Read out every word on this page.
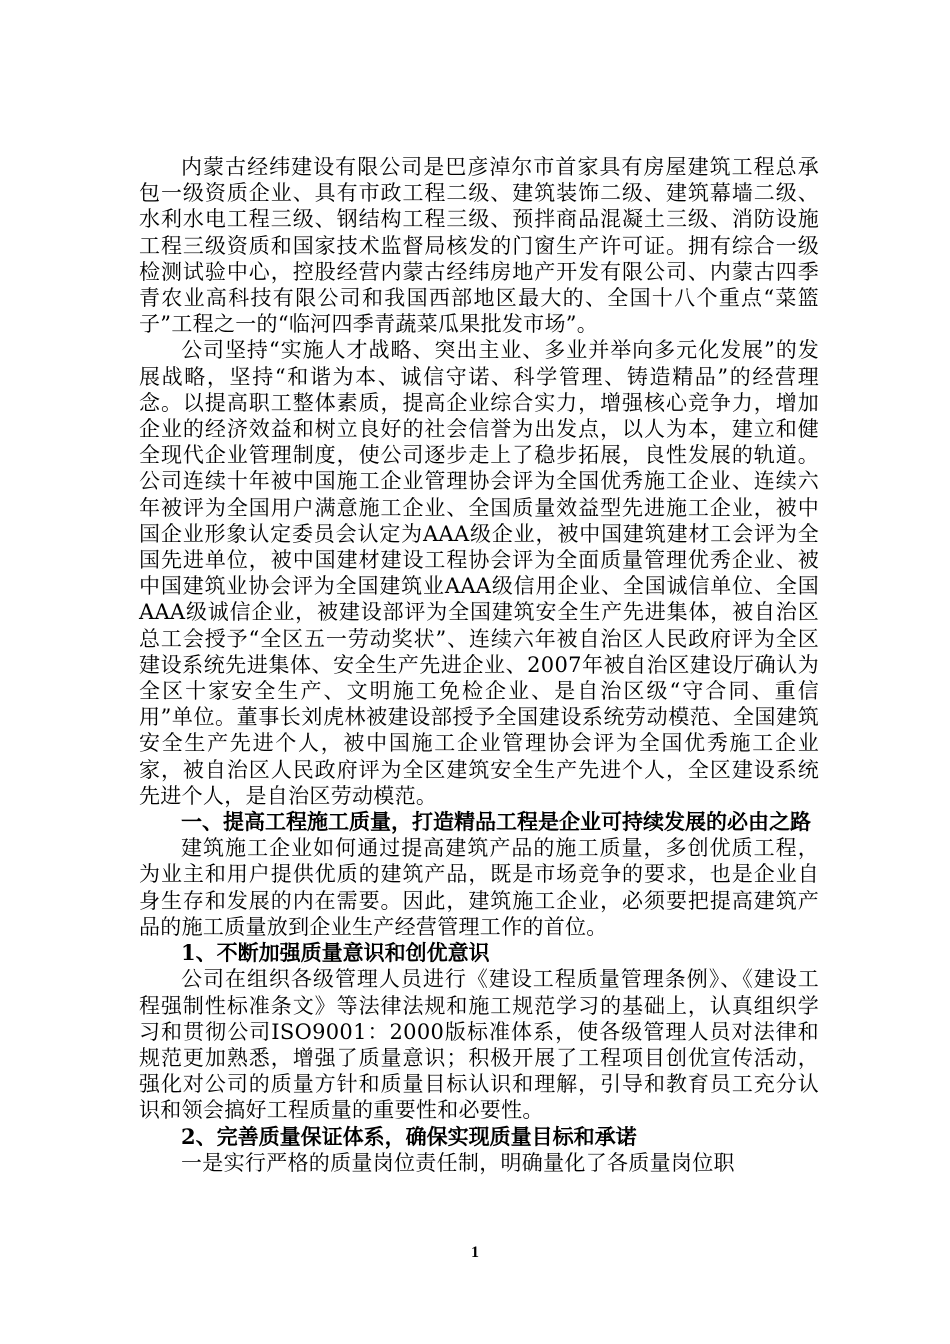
内蒙古经纬建设有限公司是巴彦淖尔市首家具有房屋建筑工程总承包一级资质企业、具有市政工程二级、建筑装饰二级、建筑幕墙二级、水利水电工程三级、钢结构工程三级、预拌商品混凝土三级、消防设施工程三级资质和国家技术监督局核发的门窗生产许可证。拥有综合一级检测试验中心，控股经营内蒙古经纬房地产开发有限公司、内蒙古四季青农业高科技有限公司和我国西部地区最大的、全国十八个重点“菜篮子”工程之一的“临河四季青蔬菜瓜果批发市场”。

公司坚持“实施人才战略、突出主业、多业并举向多元化发展”的发展战略，坚持“和谐为本、诚信守诺、科学管理、铸造精品”的经营理念。以提高职工整体素质，提高企业综合实力，增强核心竞争力，增加企业的经济效益和树立良好的社会信誉为出发点，以人为本，建立和健全现代企业管理制度，使公司逐步走上了稳步拓展，良性发展的轨道。公司连续十年被中国施工企业管理协会评为全国优秀施工企业、连续六年被评为全国用户满意施工企业、全国质量效益型先进施工企业，被中国企业形象认定委员会认定为AAA级企业，被中国建筑建材工会评为全国先进单位，被中国建材建设工程协会评为全面质量管理优秀企业、被中国建筑业协会评为全国建筑业AAA级信用企业、全国诚信单位、全国AAA级诚信企业，被建设部评为全国建筑安全生产先进集体，被自治区总工会授予“全区五一劳动奖状”、连续六年被自治区人民政府评为全区建设系统先进集体、安全生产先进企业、2007年被自治区建设厅确认为全区十家安全生产、文明施工免检企业、是自治区级“守合同、重信用”单位。董事长刘虎林被建设部授予全国建设系统劳动模范、全国建筑安全生产先进个人，被中国施工企业管理协会评为全国优秀施工企业家，被自治区人民政府评为全区建筑安全生产先进个人，全区建设系统先进个人，是自治区劳动模范。

一、提高工程施工质量，打造精品工程是企业可持续发展的必由之路

建筑施工企业如何通过提高建筑产品的施工质量，多创优质工程，为业主和用户提供优质的建筑产品，既是市场竞争的要求，也是企业自身生存和发展的内在需要。因此，建筑施工企业，必须要把提高建筑产品的施工质量放到企业生产经营管理工作的首位。

1、不断加强质量意识和创优意识

公司在组织各级管理人员进行《建设工程质量管理条例》、《建设工程强制性标准条文》等法律法规和施工规范学习的基础上，认真组织学习和贯彻公司ISO9001：2000版标准体系，使各级管理人员对法律和规范更加熟悉，增强了质量意识；积极开展了工程项目创优宣传活动，强化对公司的质量方针和质量目标认识和理解，引导和教育员工充分认识和领会搞好工程质量的重要性和必要性。

2、完善质量保证体系，确保实现质量目标和承诺

一是实行严格的质量岗位责任制，明确量化了各质量岗位职

1
